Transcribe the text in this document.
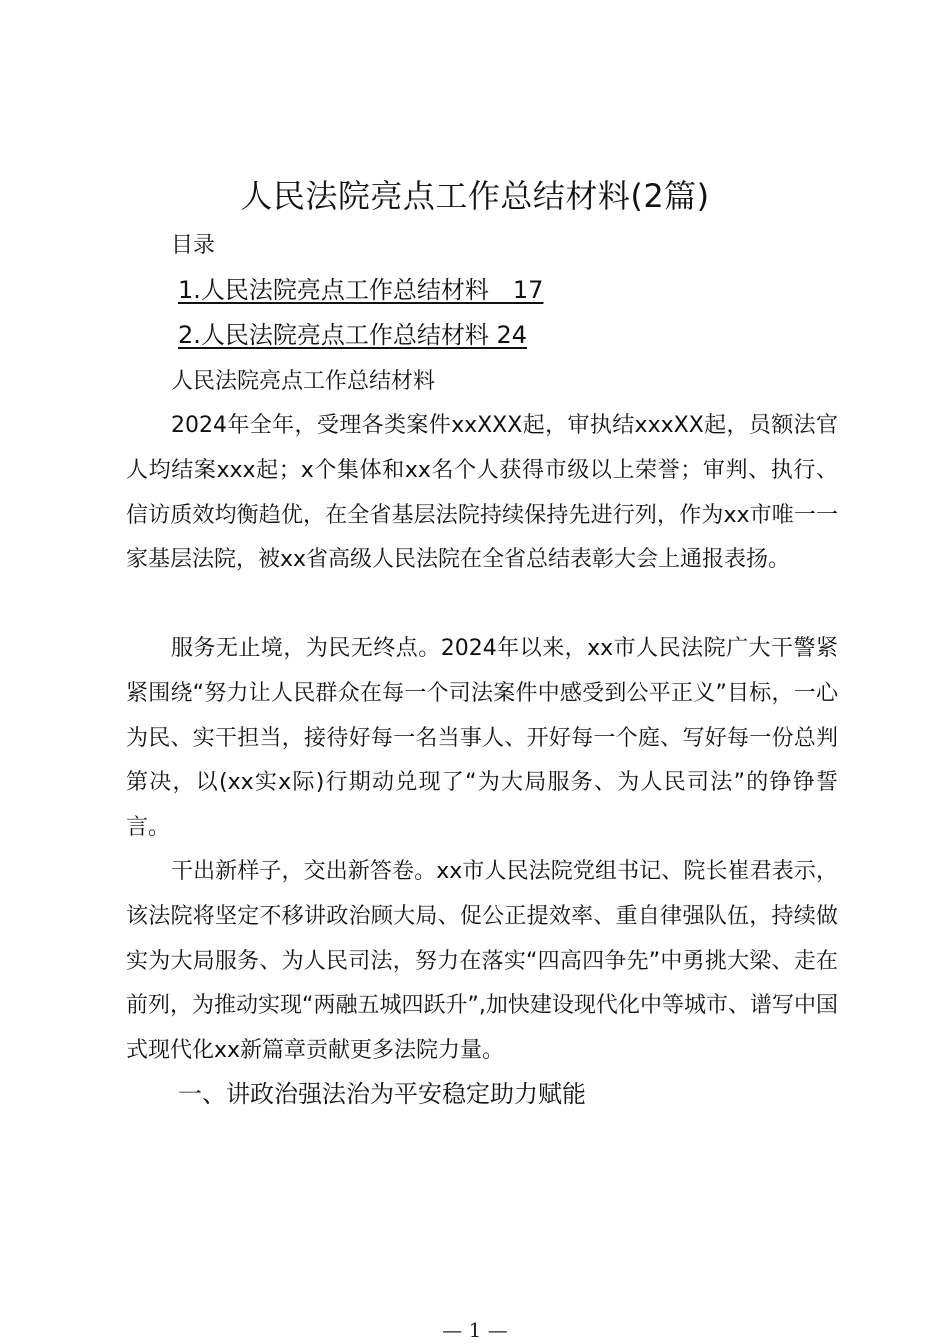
人民法院亮点工作总结材料(2篇)
目录
1.人民法院亮点工作总结材料　17
2.人民法院亮点工作总结材料 24
人民法院亮点工作总结材料

2024年全年，受理各类案件xxXXX起，审执结xxxXX起，员额法官人均结案xxx起；x个集体和xx名个人获得市级以上荣誉；审判、执行、信访质效均衡趋优，在全省基层法院持续保持先进行列，作为xx市唯一一家基层法院，被xx省高级人民法院在全省总结表彰大会上通报表扬。

服务无止境，为民无终点。2024年以来，xx市人民法院广大干警紧紧围绕“努力让人民群众在每一个司法案件中感受到公平正义”目标，一心为民、实干担当，接待好每一名当事人、开好每一个庭、写好每一份总判第决，以(xx实x际)行期动兑现了“为大局服务、为人民司法”的铮铮誓言。

干出新样子，交出新答卷。xx市人民法院党组书记、院长崔君表示，该法院将坚定不移讲政治顾大局、促公正提效率、重自律强队伍，持续做实为大局服务、为人民司法，努力在落实“四高四争先”中勇挑大梁、走在前列，为推动实现“两融五城四跃升”,加快建设现代化中等城市、谱写中国式现代化xx新篇章贡献更多法院力量。

一、讲政治强法治为平安稳定助力赋能
— 1 —
